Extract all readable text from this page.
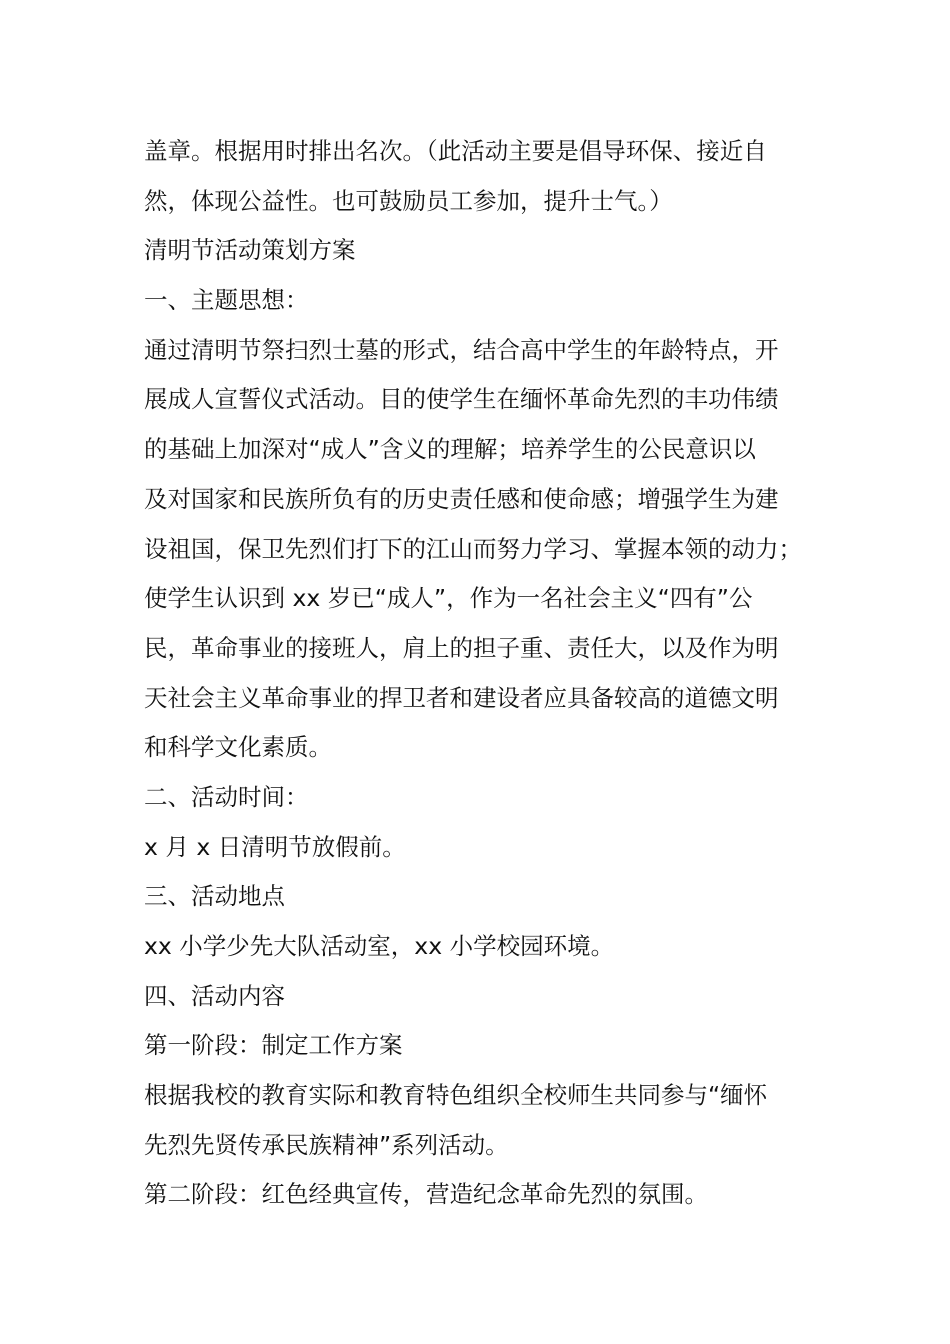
盖章。根据用时排出名次。（此活动主要是倡导环保、接近自
然，体现公益性。也可鼓励员工参加，提升士气。）
清明节活动策划方案
一、主题思想：
通过清明节祭扫烈士墓的形式，结合高中学生的年龄特点，开
展成人宣誓仪式活动。目的使学生在缅怀革命先烈的丰功伟绩
的基础上加深对“成人”含义的理解；培养学生的公民意识以
及对国家和民族所负有的历史责任感和使命感；增强学生为建
设祖国，保卫先烈们打下的江山而努力学习、掌握本领的动力；
使学生认识到 xx 岁已“成人”，作为一名社会主义“四有”公
民，革命事业的接班人，肩上的担子重、责任大，以及作为明
天社会主义革命事业的捍卫者和建设者应具备较高的道德文明
和科学文化素质。
二、活动时间：
x 月 x 日清明节放假前。
三、活动地点
xx 小学少先大队活动室，xx 小学校园环境。
四、活动内容
第一阶段：制定工作方案
根据我校的教育实际和教育特色组织全校师生共同参与“缅怀
先烈先贤传承民族精神”系列活动。
第二阶段：红色经典宣传，营造纪念革命先烈的氛围。
